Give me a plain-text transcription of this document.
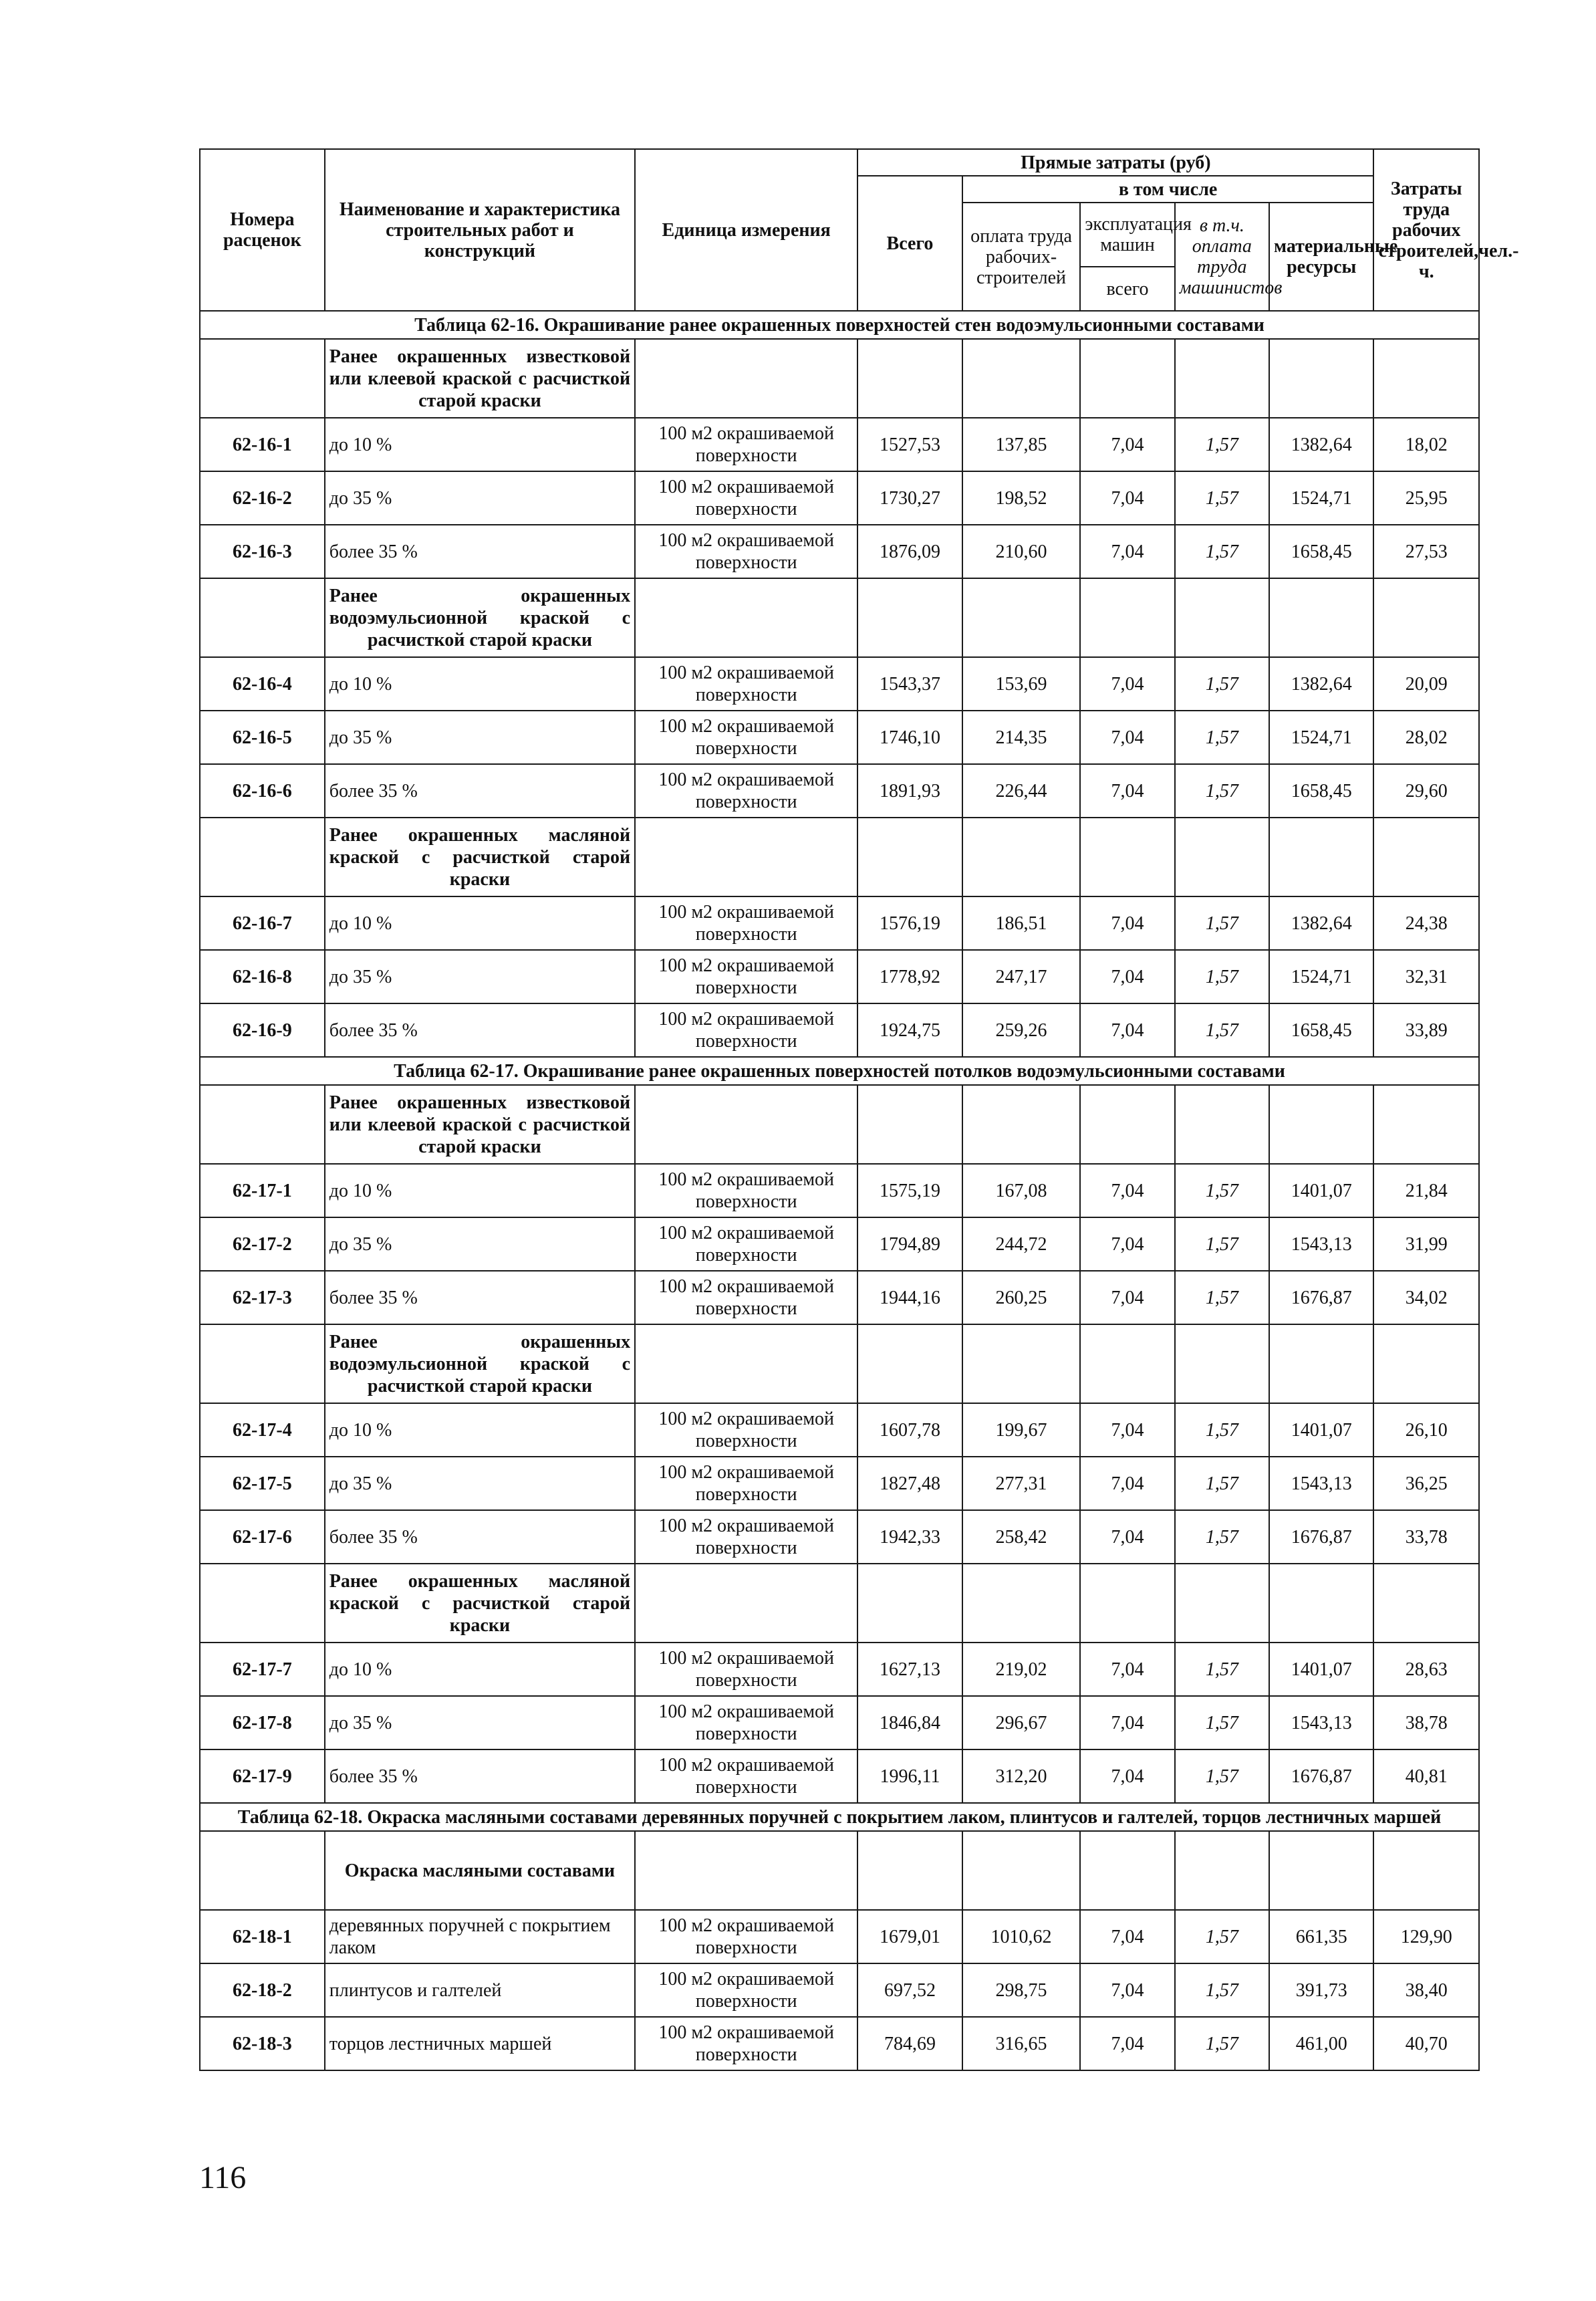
Номера расценок	Наименование и характеристика строительных работ и конструкций	Единица измерения	Прямые затраты (руб)					Затраты труда рабочих строителей,чел.-ч.
			Всего	в том числе				
				оплата труда рабочих-строителей	эксплуатация машин	в т.ч. оплата труда машинистов	материальные ресурсы	
					всего			
Таблица 62-16. Окрашивание ранее окрашенных поверхностей стен водоэмульсионными составами								
	Ранее окрашенных известковой или клеевой краской с расчисткой старой краски							
62-16-1	до 10 %	100 м2 окрашиваемой поверхности	1527,53	137,85	7,04	1,57	1382,64	18,02
62-16-2	до 35 %	100 м2 окрашиваемой поверхности	1730,27	198,52	7,04	1,57	1524,71	25,95
62-16-3	более 35 %	100 м2 окрашиваемой поверхности	1876,09	210,60	7,04	1,57	1658,45	27,53
	Ранее окрашенных водоэмульсионной краской с расчисткой старой краски							
62-16-4	до 10 %	100 м2 окрашиваемой поверхности	1543,37	153,69	7,04	1,57	1382,64	20,09
62-16-5	до 35 %	100 м2 окрашиваемой поверхности	1746,10	214,35	7,04	1,57	1524,71	28,02
62-16-6	более 35 %	100 м2 окрашиваемой поверхности	1891,93	226,44	7,04	1,57	1658,45	29,60
	Ранее окрашенных масляной краской с расчисткой старой краски							
62-16-7	до 10 %	100 м2 окрашиваемой поверхности	1576,19	186,51	7,04	1,57	1382,64	24,38
62-16-8	до 35 %	100 м2 окрашиваемой поверхности	1778,92	247,17	7,04	1,57	1524,71	32,31
62-16-9	более 35 %	100 м2 окрашиваемой поверхности	1924,75	259,26	7,04	1,57	1658,45	33,89
Таблица 62-17. Окрашивание ранее окрашенных поверхностей потолков водоэмульсионными составами								
	Ранее окрашенных известковой или клеевой краской с расчисткой старой краски							
62-17-1	до 10 %	100 м2 окрашиваемой поверхности	1575,19	167,08	7,04	1,57	1401,07	21,84
62-17-2	до 35 %	100 м2 окрашиваемой поверхности	1794,89	244,72	7,04	1,57	1543,13	31,99
62-17-3	более 35 %	100 м2 окрашиваемой поверхности	1944,16	260,25	7,04	1,57	1676,87	34,02
	Ранее окрашенных водоэмульсионной краской с расчисткой старой краски							
62-17-4	до 10 %	100 м2 окрашиваемой поверхности	1607,78	199,67	7,04	1,57	1401,07	26,10
62-17-5	до 35 %	100 м2 окрашиваемой поверхности	1827,48	277,31	7,04	1,57	1543,13	36,25
62-17-6	более 35 %	100 м2 окрашиваемой поверхности	1942,33	258,42	7,04	1,57	1676,87	33,78
	Ранее окрашенных масляной краской с расчисткой старой краски							
62-17-7	до 10 %	100 м2 окрашиваемой поверхности	1627,13	219,02	7,04	1,57	1401,07	28,63
62-17-8	до 35 %	100 м2 окрашиваемой поверхности	1846,84	296,67	7,04	1,57	1543,13	38,78
62-17-9	более 35 %	100 м2 окрашиваемой поверхности	1996,11	312,20	7,04	1,57	1676,87	40,81
Таблица 62-18. Окраска масляными составами деревянных поручней с покрытием лаком, плинтусов и галтелей, торцов лестничных маршей								
	Окраска масляными составами							
62-18-1	деревянных поручней с покрытием лаком	100 м2 окрашиваемой поверхности	1679,01	1010,62	7,04	1,57	661,35	129,90
62-18-2	плинтусов и галтелей	100 м2 окрашиваемой поверхности	697,52	298,75	7,04	1,57	391,73	38,40
62-18-3	торцов лестничных маршей	100 м2 окрашиваемой поверхности	784,69	316,65	7,04	1,57	461,00	40,70
116
